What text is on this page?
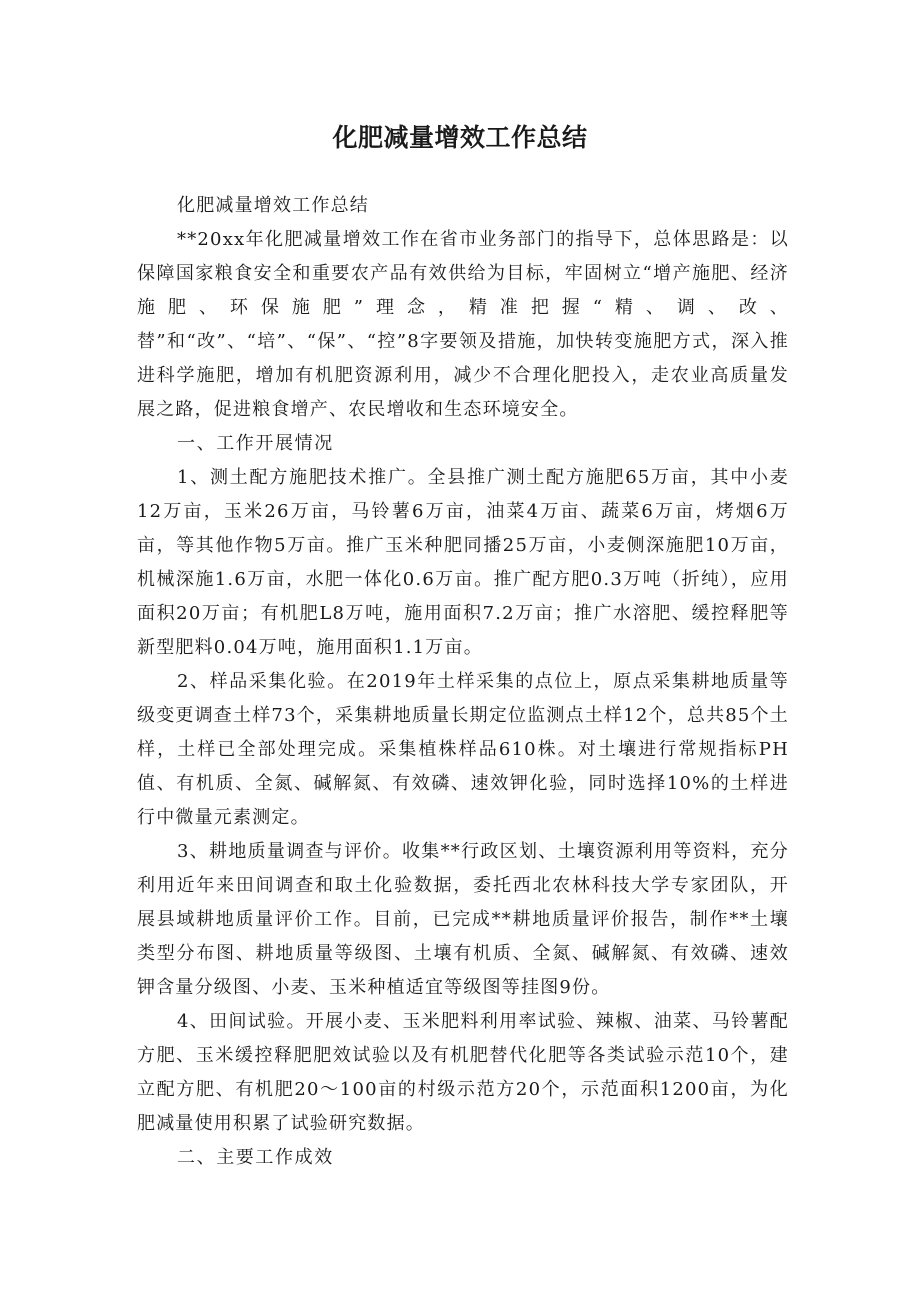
化肥减量增效工作总结

化肥减量增效工作总结

**20xx年化肥减量增效工作在省市业务部门的指导下，总体思路是：以保障国家粮食安全和重要农产品有效供给为目标，牢固树立“增产施肥、经济施肥、环保施肥”理念，精准把握“精、调、改、替”和“改”、“培”、“保”、“控”8字要领及措施，加快转变施肥方式，深入推进科学施肥，增加有机肥资源利用，减少不合理化肥投入，走农业高质量发展之路，促进粮食增产、农民增收和生态环境安全。

一、工作开展情况

1、测土配方施肥技术推广。全县推广测土配方施肥65万亩，其中小麦12万亩，玉米26万亩，马铃薯6万亩，油菜4万亩、蔬菜6万亩，烤烟6万亩，等其他作物5万亩。推广玉米种肥同播25万亩，小麦侧深施肥10万亩，机械深施1.6万亩，水肥一体化0.6万亩。推广配方肥0.3万吨（折纯），应用面积20万亩；有机肥L8万吨，施用面积7.2万亩；推广水溶肥、缓控释肥等新型肥料0.04万吨，施用面积1.1万亩。

2、样品采集化验。在2019年土样采集的点位上，原点采集耕地质量等级变更调查土样73个，采集耕地质量长期定位监测点土样12个，总共85个土样，土样已全部处理完成。采集植株样品610株。对土壤进行常规指标PH值、有机质、全氮、碱解氮、有效磷、速效钾化验，同时选择10%的土样进行中微量元素测定。

3、耕地质量调查与评价。收集**行政区划、土壤资源利用等资料，充分利用近年来田间调查和取土化验数据，委托西北农林科技大学专家团队，开展县域耕地质量评价工作。目前，已完成**耕地质量评价报告，制作**土壤类型分布图、耕地质量等级图、土壤有机质、全氮、碱解氮、有效磷、速效钾含量分级图、小麦、玉米种植适宜等级图等挂图9份。

4、田间试验。开展小麦、玉米肥料利用率试验、辣椒、油菜、马铃薯配方肥、玉米缓控释肥肥效试验以及有机肥替代化肥等各类试验示范10个，建立配方肥、有机肥20～100亩的村级示范方20个，示范面积1200亩，为化肥减量使用积累了试验研究数据。

二、主要工作成效
